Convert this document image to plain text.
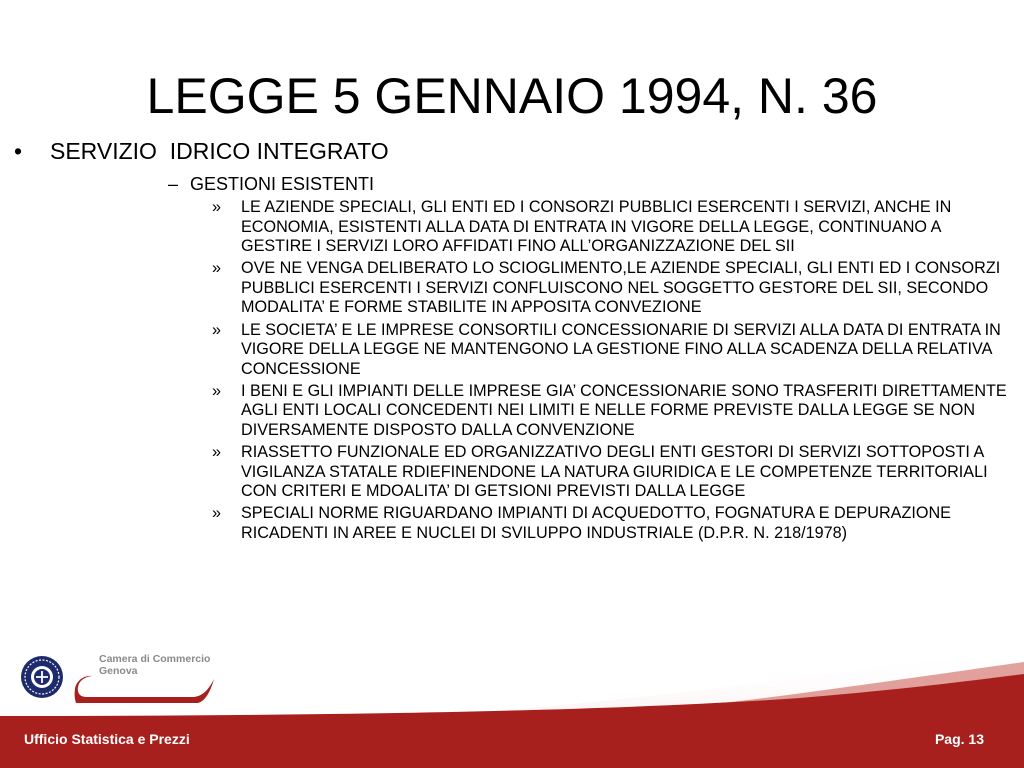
LEGGE 5 GENNAIO 1994, N. 36
• SERVIZIO  IDRICO INTEGRATO
– GESTIONI ESISTENTI
» LE AZIENDE SPECIALI, GLI ENTI ED I CONSORZI PUBBLICI ESERCENTI I SERVIZI, ANCHE IN ECONOMIA, ESISTENTI ALLA DATA DI ENTRATA IN VIGORE DELLA LEGGE, CONTINUANO A GESTIRE I SERVIZI LORO AFFIDATI FINO ALL’ORGANIZZAZIONE DEL SII
» OVE NE VENGA DELIBERATO LO SCIOGLIMENTO,LE AZIENDE SPECIALI, GLI ENTI ED I CONSORZI PUBBLICI ESERCENTI I SERVIZI CONFLUISCONO NEL SOGGETTO GESTORE DEL SII, SECONDO MODALITA’ E FORME STABILITE IN APPOSITA CONVEZIONE
» LE SOCIETA’ E LE IMPRESE CONSORTILI CONCESSIONARIE DI SERVIZI ALLA DATA DI ENTRATA IN VIGORE DELLA LEGGE NE MANTENGONO LA GESTIONE FINO ALLA SCADENZA DELLA RELATIVA CONCESSIONE
» I BENI E GLI IMPIANTI DELLE IMPRESE GIA’ CONCESSIONARIE SONO TRASFERITI DIRETTAMENTE AGLI ENTI LOCALI CONCEDENTI NEI LIMITI E NELLE FORME PREVISTE DALLA LEGGE SE NON DIVERSAMENTE DISPOSTO DALLA CONVENZIONE
» RIASSETTO FUNZIONALE ED ORGANIZZATIVO DEGLI ENTI GESTORI DI SERVIZI SOTTOPOSTI A VIGILANZA STATALE RDIEFINENDONE LA NATURA GIURIDICA E LE COMPETENZE TERRITORIALI CON CRITERI E MDOALITA’ DI GETSIONI PREVISTI DALLA LEGGE
» SPECIALI NORME RIGUARDANO IMPIANTI DI ACQUEDOTTO, FOGNATURA E DEPURAZIONE RICADENTI IN AREE E NUCLEI DI SVILUPPO INDUSTRIALE (D.P.R. N. 218/1978)
Camera di Commercio
Genova
Ufficio Statistica e Prezzi	Pag. 13
